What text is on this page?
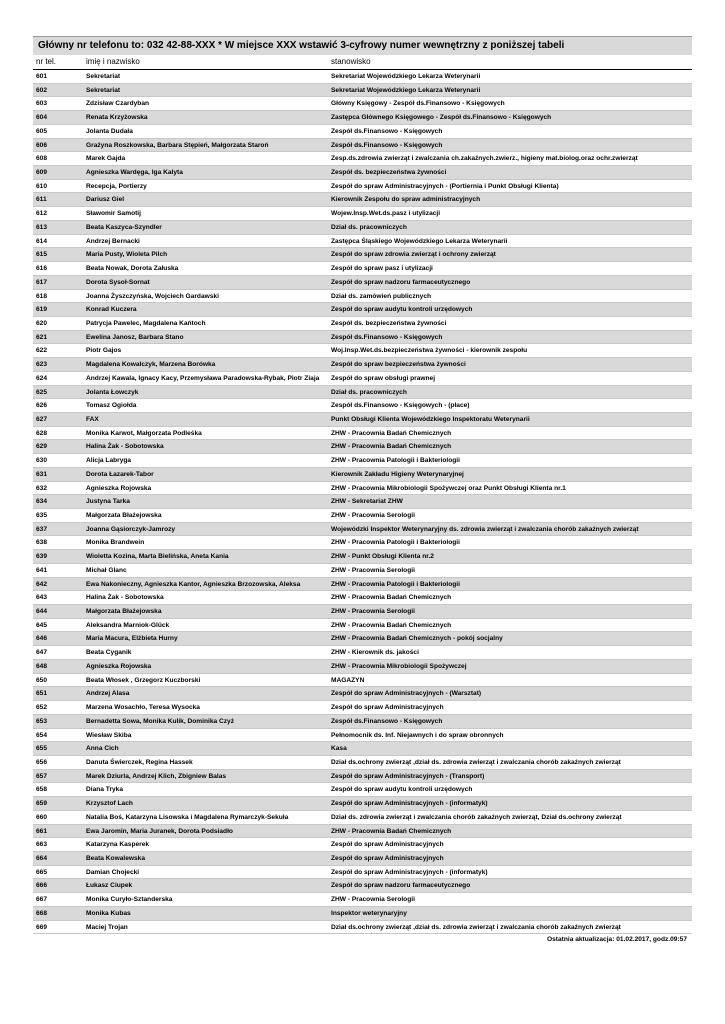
Główny nr telefonu to: 032 42-88-XXX * W miejsce XXX wstawić 3-cyfrowy numer wewnętrzny z poniższej tabeli
nr tel.	imię i nazwisko	stanowisko
601	Sekretariat	Sekretariat Wojewódzkiego Lekarza Weterynarii
602	Sekretariat	Sekretariat Wojewódzkiego Lekarza Weterynarii
603	Zdzisław Czardyban	Główny Księgowy - Zespół ds.Finansowo - Księgowych
604	Renata Krzyżowska	Zastępca Głównego Księgowego - Zespół ds.Finansowo - Księgowych
605	Jolanta Dudała	Zespół ds.Finansowo - Księgowych
606	Grażyna Roszkowska, Barbara Stępień, Małgorzata Staroń	Zespół ds.Finansowo - Księgowych
608	Marek Gajda	Zesp.ds.zdrowia zwierząt i zwalczania ch.zakaźnych.zwierz., higieny mat.biolog.oraz ochr.zwierząt
609	Agnieszka Wardęga, Iga Kalyta	Zespół ds. bezpieczeństwa żywności
610	Recepcja, Portierzy	Zespół do spraw Administracyjnych - (Portiernia i Punkt Obsługi Klienta)
611	Dariusz Giel	Kierownik Zespołu do spraw administracyjnych
612	Sławomir Samotij	Wojew.Insp.Wet.ds.pasz i utylizacji
613	Beata Kaszyca-Szyndler	Dział ds. pracowniczych
614	Andrzej Bernacki	Zastępca Śląskiego Wojewódzkiego Lekarza Weterynarii
615	Maria Pusty, Wioleta Pilch	Zespół do spraw zdrowia zwierząt i ochrony zwierząt
616	Beata Nowak, Dorota Załuska	Zespół do spraw pasz i utylizacji
617	Dorota Sysoł-Sornat	Zespół do spraw nadzoru farmaceutycznego
618	Joanna Żyszczyńska, Wojciech Gardawski	Dział ds. zamówień publicznych
619	Konrad Kuczera	Zespół do spraw audytu kontroli urzędowych
620	Patrycja Pawelec, Magdalena Kańtoch	Zespół ds. bezpieczeństwa żywności
621	Ewelina Janosz, Barbara Stano	Zespół ds.Finansowo - Księgowych
622	Piotr Gajos	Woj.Insp.Wet.ds.bezpieczeństwa żywności - kierownik zespołu
623	Magdalena Kowalczyk, Marzena Borówka	Zespół do spraw bezpieczeństwa żywności
624	Andrzej Kawala, Ignacy Kacy, Przemysława Paradowska-Rybak, Piotr Ziaja	Zespół do spraw obsługi prawnej
625	Jolanta Łowczyk	Dział ds. pracowniczych
626	Tomasz Ogiołda	Zespół ds.Finansowo - Księgowych - (płace)
627	FAX	Punkt Obsługi Klienta Wojewódzkiego Inspektoratu Weterynarii
628	Monika Karwot, Małgorzata Podleśka	ZHW - Pracownia Badań Chemicznych
629	Halina Żak - Sobotowska	ZHW - Pracownia Badań Chemicznych
630	Alicja Labryga	ZHW - Pracownia Patologii i Bakteriologii
631	Dorota Łazarek-Tabor	Kierownik Zakładu Higieny Weterynaryjnej
632	Agnieszka Rojowska	ZHW - Pracownia Mikrobiologii Spożywczej oraz Punkt Obsługi Klienta nr.1
634	Justyna Tarka	ZHW - Sekretariat ZHW
635	Małgorzata Błażejowska	ZHW - Pracownia Serologii
637	Joanna Gąsiorczyk-Jamrozy	Wojewódzki Inspektor Weterynaryjny ds. zdrowia zwierząt i zwalczania chorób zakaźnych zwierząt
638	Monika Brandwein	ZHW - Pracownia Patologii i Bakteriologii
639	Wioletta Kozina, Marta Bielińska, Aneta Kania	ZHW - Punkt Obsługi Klienta nr.2
641	Michał Glanc	ZHW - Pracownia Serologii
642	Ewa Nakonieczny, Agnieszka Kantor, Agnieszka Brzozowska, Aleksa	ZHW - Pracownia Patologii i Bakteriologii
643	Halina Żak - Sobotowska	ZHW - Pracownia Badań Chemicznych
644	Małgorzata Błażejowska	ZHW - Pracownia Serologii
645	Aleksandra Marniok-Glück	ZHW - Pracownia Badań Chemicznych
646	Maria Macura, Elżbieta Hurny	ZHW - Pracownia Badań Chemicznych - pokój socjalny
647	Beata Cyganik	ZHW - Kierownik ds. jakości
648	Agnieszka Rojowska	ZHW - Pracownia Mikrobiologii Spożywczej
650	Beata Włosek , Grzegorz Kuczborski	MAGAZYN
651	Andrzej Alasa	Zespół do spraw Administracyjnych - (Warsztat)
652	Marzena Wosachło, Teresa Wysocka	Zespół do spraw Administracyjnych
653	Bernadetta Sowa, Monika Kulik, Dominika Czyż	Zespół ds.Finansowo - Księgowych
654	Wiesław Skiba	Pełnomocnik ds. Inf. Niejawnych i do spraw obronnych
655	Anna Cich	Kasa
656	Danuta Świerczek, Regina Hassek	Dział ds.ochrony zwierząt ,dział ds. zdrowia zwierząt i zwalczania chorób zakaźnych zwierząt
657	Marek Dziurla, Andrzej Klich, Zbigniew Balas	Zespół do spraw Administracyjnych - (Transport)
658	Diana Tryka	Zespół do spraw audytu kontroli urzędowych
659	Krzysztof Lach	Zespół do spraw Administracyjnych - (informatyk)
660	Natalia Boś, Katarzyna Lisowska i Magdalena Rymarczyk-Sekuła	Dział ds. zdrowia zwierząt i zwalczania chorób zakaźnych zwierząt, Dział ds.ochrony zwierząt
661	Ewa Jaromin, Maria Juranek, Dorota Podsiadło	ZHW - Pracownia Badań Chemicznych
663	Katarzyna Kasperek	Zespół do spraw Administracyjnych
664	Beata Kowalewska	Zespół do spraw Administracyjnych
665	Damian Chojecki	Zespół do spraw Administracyjnych - (informatyk)
666	Łukasz Ciupek	Zespół do spraw nadzoru farmaceutycznego
667	Monika Curyło-Sztanderska	ZHW - Pracownia Serologii
668	Monika Kubas	Inspektor weterynaryjny
669	Maciej Trojan	Dział ds.ochrony zwierząt ,dział ds. zdrowia zwierząt i zwalczania chorób zakaźnych zwierząt
Ostatnia aktualizacja: 01.02.2017, godz.09:57
